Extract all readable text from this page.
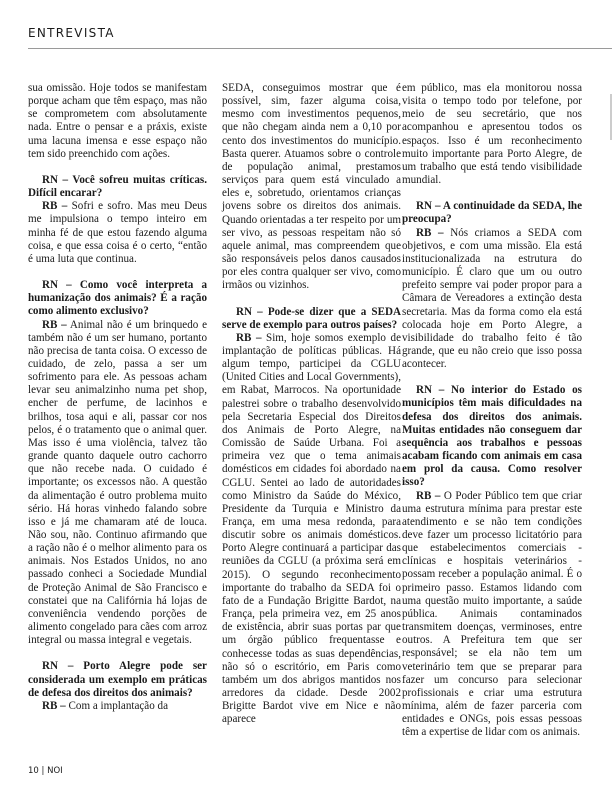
ENTREVISTA

sua omissão. Hoje todos se manifestam porque acham que têm espaço, mas não se comprometem com absolutamente nada. Entre o pensar e a práxis, existe uma lacuna imensa e esse espaço não tem sido preenchido com ações.

RN – Você sofreu muitas críticas. Difícil encarar?

RB – Sofri e sofro. Mas meu Deus me impulsiona o tempo inteiro em minha fé de que estou fazendo alguma coisa, e que essa coisa é o certo, “então é uma luta que continua.

RN – Como você interpreta a humanização dos animais? É a ração como alimento exclusivo?

RB – Animal não é um brinquedo e também não é um ser humano, portanto não precisa de tanta coisa. O excesso de cuidado, de zelo, passa a ser um sofrimento para ele. As pessoas acham levar seu animalzinho numa pet shop, encher de perfume, de lacinhos e brilhos, tosa aqui e ali, passar cor nos pelos, é o tratamento que o animal quer. Mas isso é uma violência, talvez tão grande quanto daquele outro cachorro que não recebe nada. O cuidado é importante; os excessos não. A questão da alimentação é outro problema muito sério. Há horas vinhedo falando sobre isso e já me chamaram até de louca. Não sou, não. Continuo afirmando que a ração não é o melhor alimento para os animais. Nos Estados Unidos, no ano passado conheci a Sociedade Mundial de Proteção Animal de São Francisco e constatei que na Califórnia há lojas de conveniência vendendo porções de alimento congelado para cães com arroz integral ou massa integral e vegetais.

RN – Porto Alegre pode ser considerada um exemplo em práticas de defesa dos direitos dos animais?

RB – Com a implantação da

SEDA, conseguimos mostrar que é possível, sim, fazer alguma coisa, mesmo com investimentos pequenos, que não chegam ainda nem a 0,10 por cento dos investimentos do município. Basta querer. Atuamos sobre o controle de população animal, prestamos serviços para quem está vinculado a eles e, sobretudo, orientamos crianças jovens sobre os direitos dos animais. Quando orientadas a ter respeito por um ser vivo, as pessoas respeitam não só aquele animal, mas compreendem que são responsáveis pelos danos causados por eles contra qualquer ser vivo, como irmãos ou vizinhos.

RN – Pode-se dizer que a SEDA serve de exemplo para outros países?

RB – Sim, hoje somos exemplo de implantação de políticas públicas. Há algum tempo, participei da CGLU (United Cities and Local Governments), em Rabat, Marrocos. Na oportunidade palestrei sobre o trabalho desenvolvido pela Secretaria Especial dos Direitos dos Animais de Porto Alegre, na Comissão de Saúde Urbana. Foi a primeira vez que o tema animais domésticos em cidades foi abordado na CGLU. Sentei ao lado de autoridades como Ministro da Saúde do México, Presidente da Turquia e Ministro da França, em uma mesa redonda, para discutir sobre os animais domésticos. Porto Alegre continuará a participar das reuniões da CGLU (a próxima será em 2015). O segundo reconhecimento importante do trabalho da SEDA foi o fato de a Fundação Brigitte Bardot, na França, pela primeira vez, em 25 anos de existência, abrir suas portas par que um órgão público frequentasse e conhecesse todas as suas dependências, não só o escritório, em Paris como também um dos abrigos mantidos nos arredores da cidade. Desde 2002 Brigitte Bardot vive em Nice e não aparece

em público, mas ela monitorou nossa visita o tempo todo por telefone, por meio de seu secretário, que nos acompanhou e apresentou todos os espaços. Isso é um reconhecimento muito importante para Porto Alegre, de um trabalho que está tendo visibilidade mundial.

RN – A continuidade da SEDA, lhe preocupa?

RB – Nós criamos a SEDA com objetivos, e com uma missão. Ela está institucionalizada na estrutura do município. É claro que um ou outro prefeito sempre vai poder propor para a Câmara de Vereadores a extinção desta secretaria. Mas da forma como ela está colocada hoje em Porto Alegre, a visibilidade do trabalho feito é tão grande, que eu não creio que isso possa acontecer.

RN – No interior do Estado os municípios têm mais dificuldades na defesa dos direitos dos animais. Muitas entidades não conseguem dar sequência aos trabalhos e pessoas acabam ficando com animais em casa em prol da causa. Como resolver isso?

RB – O Poder Público tem que criar uma estrutura mínima para prestar este atendimento e se não tem condições deve fazer um processo licitatório para que estabelecimentos comerciais - clínicas e hospitais veterinários - possam receber a população animal. É o primeiro passo. Estamos lidando com uma questão muito importante, a saúde pública. Animais contaminados transmitem doenças, verminoses, entre outros. A Prefeitura tem que ser responsável; se ela não tem um veterinário tem que se preparar para fazer um concurso para selecionar profissionais e criar uma estrutura mínima, além de fazer parceria com entidades e ONGs, pois essas pessoas têm a expertise de lidar com os animais.

10 | NOI
